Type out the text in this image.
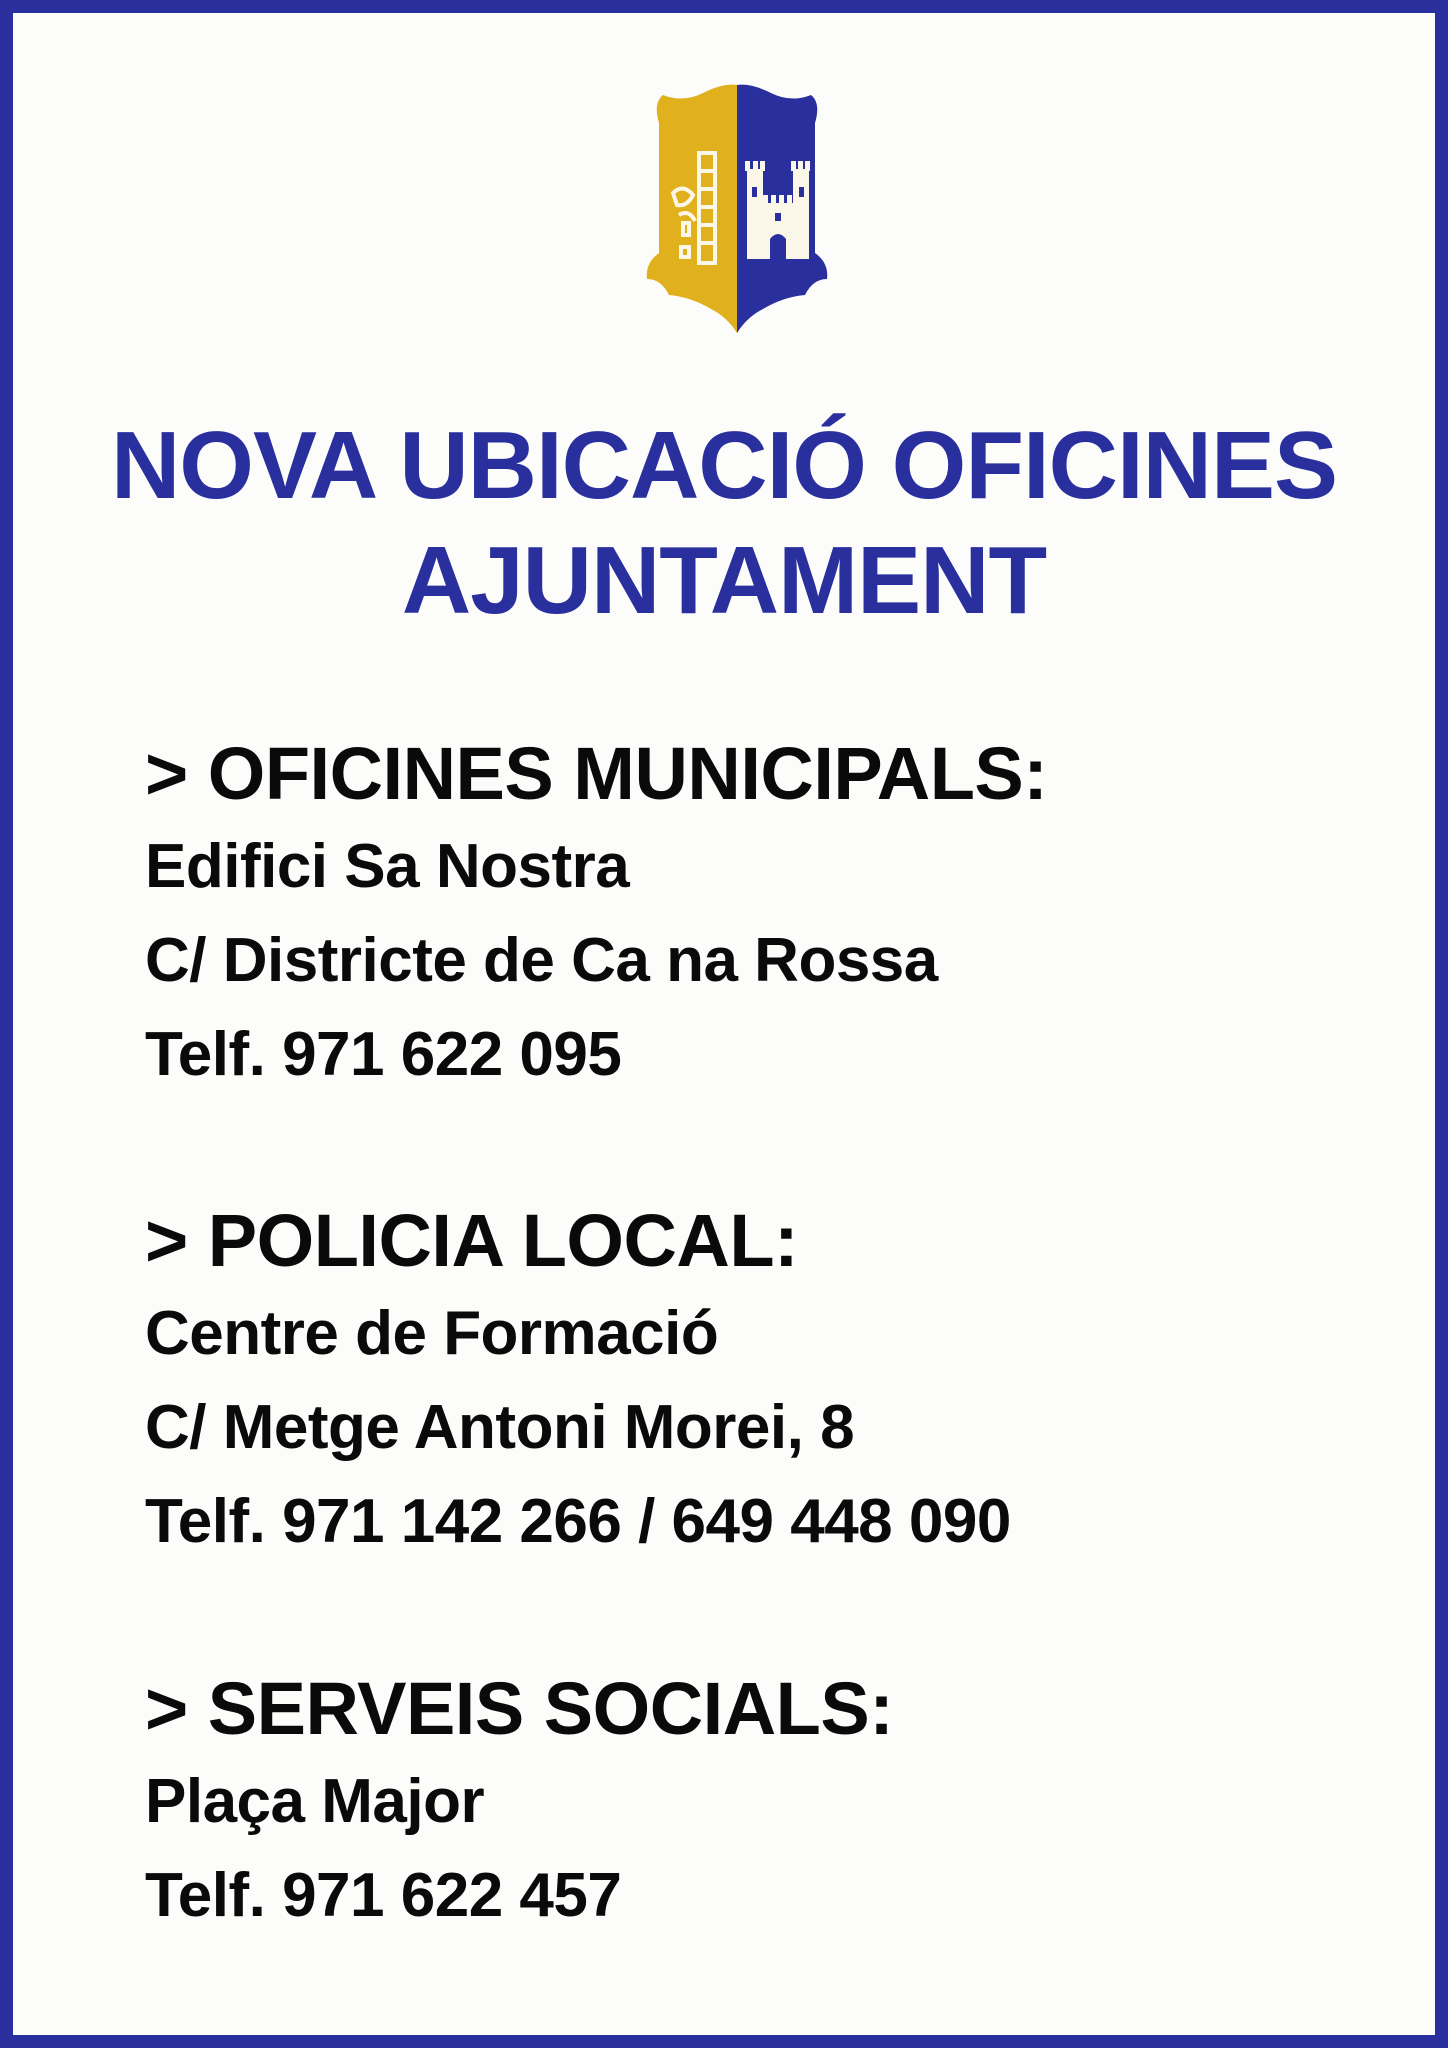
NOVA UBICACIÓ OFICINES
AJUNTAMENT
> OFICINES MUNICIPALS:
Edifici Sa Nostra
C/ Districte de Ca na Rossa
Telf. 971 622 095
> POLICIA LOCAL:
Centre de Formació
C/ Metge Antoni Morei, 8
Telf. 971 142 266 / 649 448 090
> SERVEIS SOCIALS:
Plaça Major
Telf. 971 622 457
